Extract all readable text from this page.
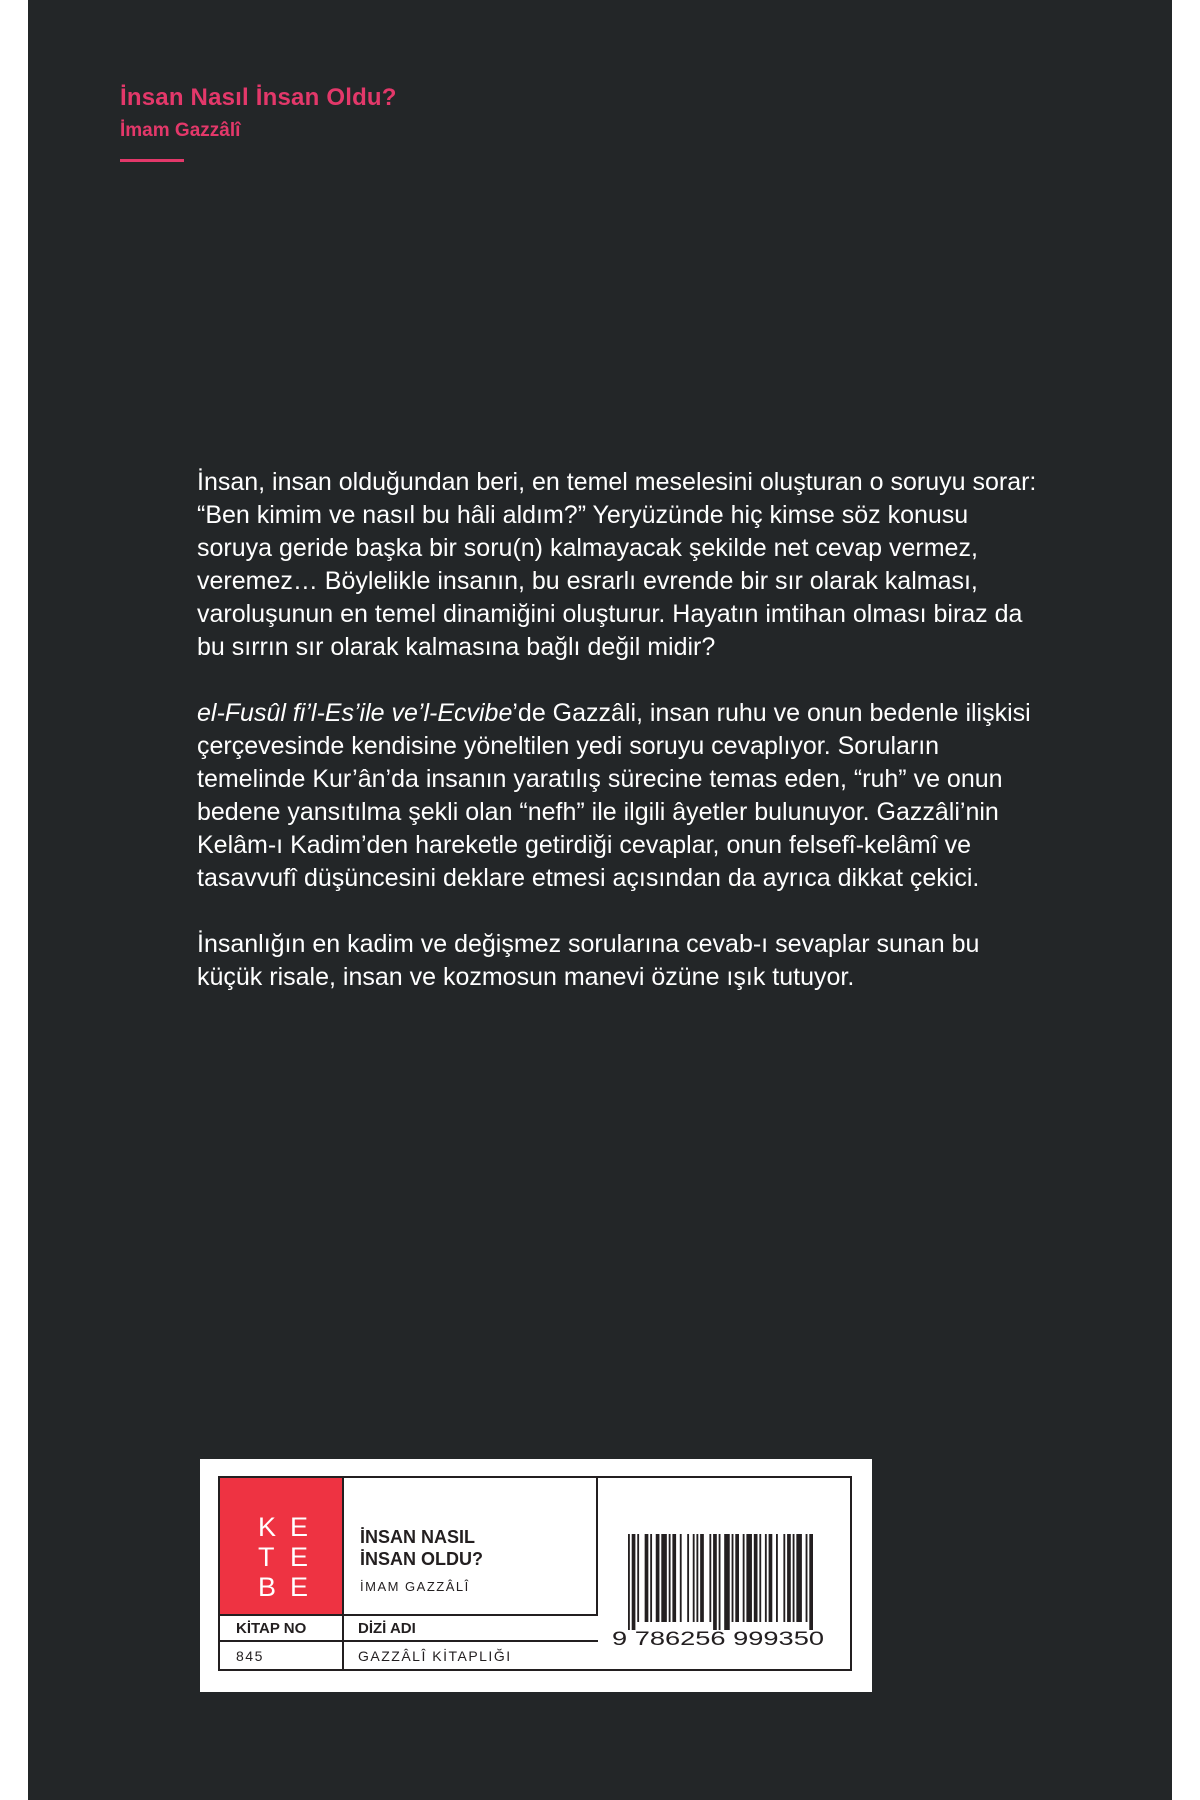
İnsan Nasıl İnsan Oldu?
İmam Gazzâlî

İnsan, insan olduğundan beri, en temel meselesini oluşturan o soruyu sorar: “Ben kimim ve nasıl bu hâli aldım?” Yeryüzünde hiç kimse söz konusu soruya geride başka bir soru(n) kalmayacak şekilde net cevap vermez, veremez… Böylelikle insanın, bu esrarlı evrende bir sır olarak kalması, varoluşunun en temel dinamiğini oluşturur. Hayatın imtihan olması biraz da bu sırrın sır olarak kalmasına bağlı değil midir?

el-Fusûl fi’l-Es’ile ve’l-Ecvibe’de Gazzâli, insan ruhu ve onun bedenle ilişkisi çerçevesinde kendisine yöneltilen yedi soruyu cevaplıyor. Soruların temelinde Kur’ân’da insanın yaratılış sürecine temas eden, “ruh” ve onun bedene yansıtılma şekli olan “nefh” ile ilgili âyetler bulunuyor. Gazzâli’nin Kelâm-ı Kadim’den hareketle getirdiği cevaplar, onun felsefî-kelâmî ve tasavvufî düşüncesini deklare etmesi açısından da ayrıca dikkat çekici.

İnsanlığın en kadim ve değişmez sorularına cevab-ı sevaplar sunan bu küçük risale, insan ve kozmosun manevi özüne ışık tutuyor.

K E
T E
B E
İNSAN NASIL
İNSAN OLDU?
İMAM GAZZÂLÎ
KİTAP NO	DİZİ ADI
845	GAZZÂLÎ KİTAPLIĞI
9 786256 999350
